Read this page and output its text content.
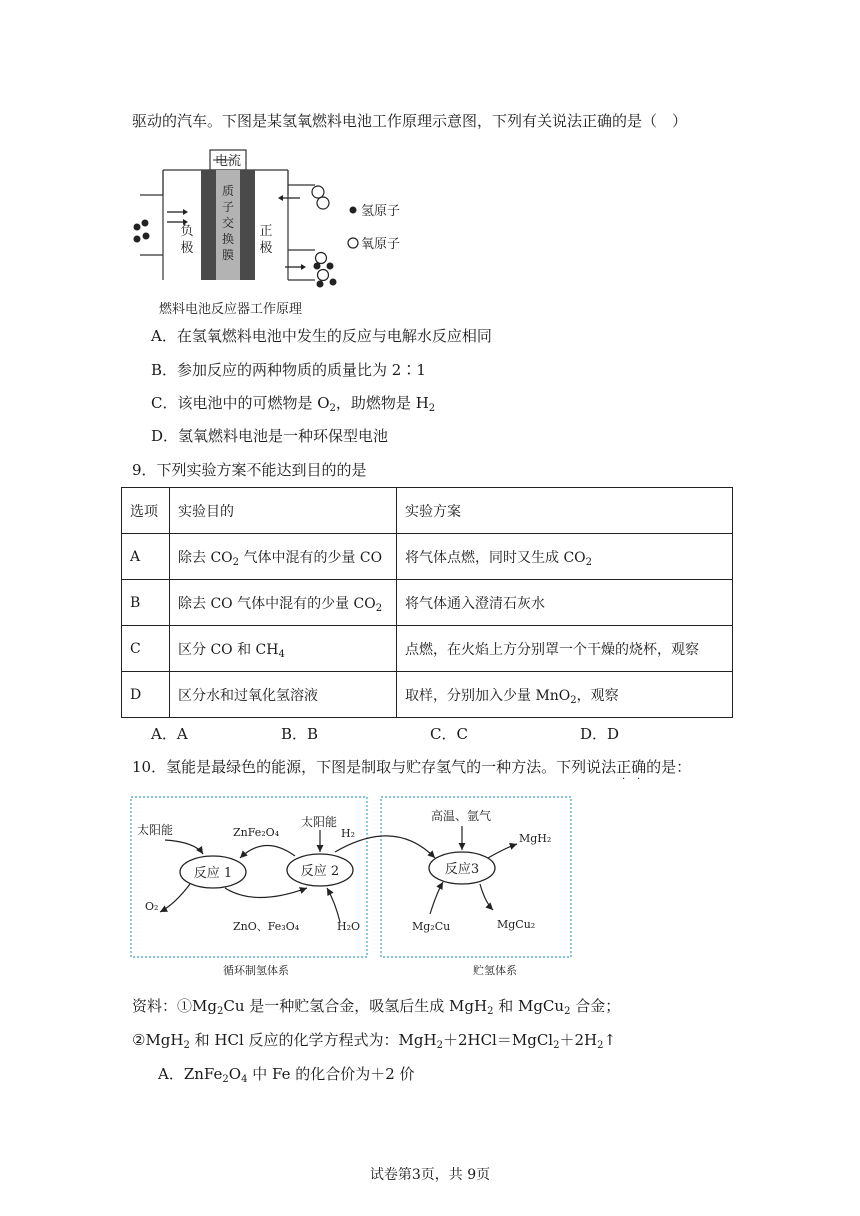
驱动的汽车。下图是某氢氧燃料电池工作原理示意图，下列有关说法正确的是（　）
电流
负
极
质
子
交
换
膜
正
极
氢原子
氧原子
燃料电池反应器工作原理
A．在氢氧燃料电池中发生的反应与电解水反应相同
B．参加反应的两种物质的质量比为 2∶1
C．该电池中的可燃物是 $O_2$，助燃物是 $H_2$
D．氢氧燃料电池是一种环保型电池
9．下列实验方案不能达到目的的是
选项	实验目的	实验方案
A	除去 $CO_2$ 气体中混有的少量 CO	将气体点燃，同时又生成 $CO_2$
B	除去 CO 气体中混有的少量 $CO_2$	将气体通入澄清石灰水
C	区分 CO 和 $CH_4$	点燃，在火焰上方分别罩一个干燥的烧杯，观察
D	区分水和过氧化氢溶液	取样，分别加入少量 MnO$_2$，观察
A．A	B．B	C．C	D．D
10．氢能是最绿色的能源，下图是制取与贮存氢气的一种方法。下列说法正确的是：
· ·
反应 1	反应 2	反应3
太阳能	ZnFe₂O₄
太阳能
H₂
O₂
ZnO、Fe₃O₄	H₂O
高温、氩气
MgH₂
Mg₂Cu	MgCu₂
循环制氢体系	贮氢体系
资料：$①Mg_2Cu$ 是一种贮氢合金，吸氢后生成 MgH$_2$ 和 MgCu$_2$ 合金；
②MgH$_2$ 和 HCl 反应的化学方程式为：$MgH_2+2HCl=MgCl_2+2H_2↑$
A．$ZnFe_2O_4$ 中 Fe 的化合价为＋2 价
试卷第3页，共 9页
